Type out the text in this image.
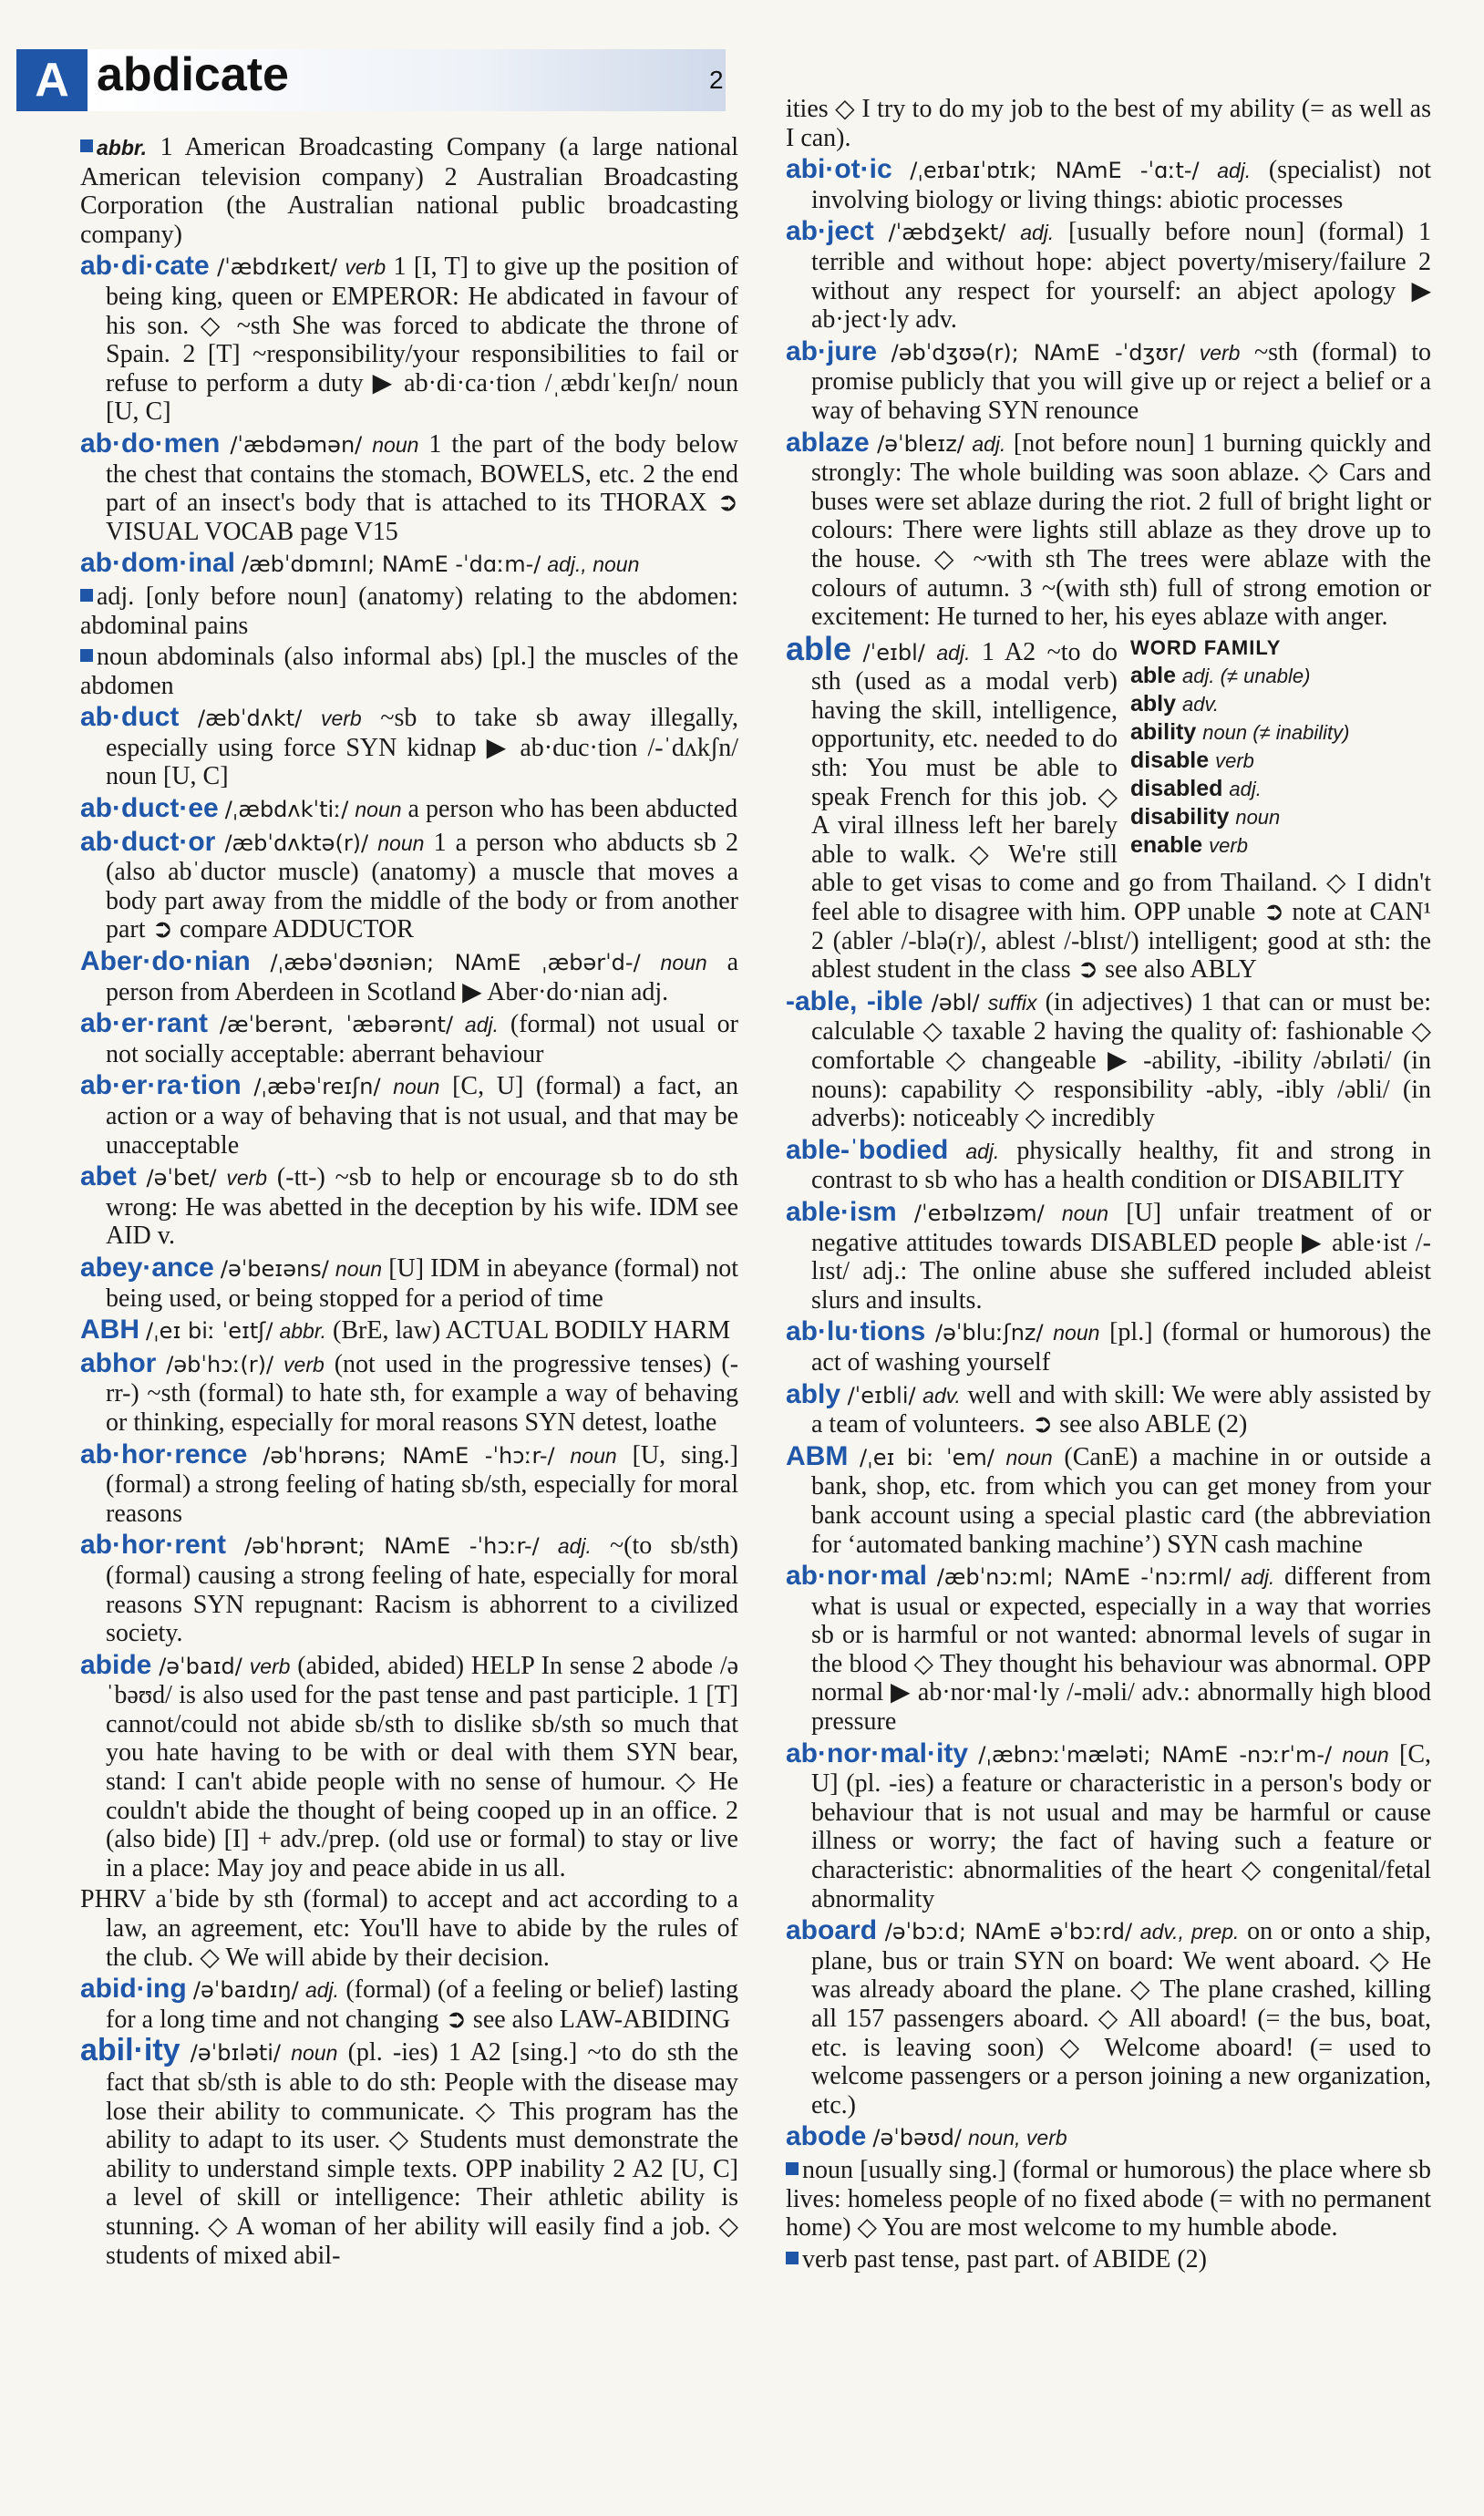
A abdicate	2
abbr. 1 American Broadcasting Company (a large national American television company) 2 Australian Broadcasting Corporation (the Australian national public broadcasting company)
ab·di·cate /ˈæbdɪkeɪt/ verb 1 [I, T] to give up the position of being king, queen or EMPEROR: He abdicated in favour of his son. ◇ ~sth She was forced to abdicate the throne of Spain. 2 [T] ~responsibility/your responsibilities to fail or refuse to perform a duty ▶ ab·di·ca·tion /ˌæbdɪˈkeɪʃn/ noun [U, C]
ab·do·men /ˈæbdəmən/ noun 1 the part of the body below the chest that contains the stomach, BOWELS, etc. 2 the end part of an insect's body that is attached to its THORAX ➲ VISUAL VOCAB page V15
ab·dom·inal /æbˈdɒmɪnl; NAmE -ˈdɑːm-/ adj., noun
adj. [only before noun] (anatomy) relating to the abdomen: abdominal pains
noun abdominals (also informal abs) [pl.] the muscles of the abdomen
ab·duct /æbˈdʌkt/ verb ~sb to take sb away illegally, especially using force SYN kidnap ▶ ab·duc·tion /-ˈdʌkʃn/ noun [U, C]
ab·duct·ee /ˌæbdʌkˈtiː/ noun a person who has been abducted
ab·duct·or /æbˈdʌktə(r)/ noun 1 a person who abducts sb 2 (also abˈductor muscle) (anatomy) a muscle that moves a body part away from the middle of the body or from another part ➲ compare ADDUCTOR
Aber·do·nian /ˌæbəˈdəʊniən; NAmE ˌæbərˈd-/ noun a person from Aberdeen in Scotland ▶ Aber·do·nian adj.
ab·er·rant /æˈberənt, ˈæbərənt/ adj. (formal) not usual or not socially acceptable: aberrant behaviour
ab·er·ra·tion /ˌæbəˈreɪʃn/ noun [C, U] (formal) a fact, an action or a way of behaving that is not usual, and that may be unacceptable
abet /əˈbet/ verb (-tt-) ~sb to help or encourage sb to do sth wrong: He was abetted in the deception by his wife. IDM see AID v.
abey·ance /əˈbeɪəns/ noun [U] IDM in abeyance (formal) not being used, or being stopped for a period of time
ABH /ˌeɪ biː ˈeɪtʃ/ abbr. (BrE, law) ACTUAL BODILY HARM
abhor /əbˈhɔː(r)/ verb (not used in the progressive tenses) (-rr-) ~sth (formal) to hate sth, for example a way of behaving or thinking, especially for moral reasons SYN detest, loathe
ab·hor·rence /əbˈhɒrəns; NAmE -ˈhɔːr-/ noun [U, sing.] (formal) a strong feeling of hating sb/sth, especially for moral reasons
ab·hor·rent /əbˈhɒrənt; NAmE -ˈhɔːr-/ adj. ~(to sb/sth) (formal) causing a strong feeling of hate, especially for moral reasons SYN repugnant: Racism is abhorrent to a civilized society.
abide /əˈbaɪd/ verb (abided, abided) HELP In sense 2 abode /əˈbəʊd/ is also used for the past tense and past participle. 1 [T] cannot/could not abide sb/sth to dislike sb/sth so much that you hate having to be with or deal with them SYN bear, stand: I can't abide people with no sense of humour. ◇ He couldn't abide the thought of being cooped up in an office. 2 (also bide) [I] + adv./prep. (old use or formal) to stay or live in a place: May joy and peace abide in us all.
PHRV aˈbide by sth (formal) to accept and act according to a law, an agreement, etc: You'll have to abide by the rules of the club. ◇ We will abide by their decision.
abid·ing /əˈbaɪdɪŋ/ adj. (formal) (of a feeling or belief) lasting for a long time and not changing ➲ see also LAW-ABIDING
abil·ity /əˈbɪləti/ noun (pl. -ies) 1 A2 [sing.] ~to do sth the fact that sb/sth is able to do sth: People with the disease may lose their ability to communicate. ◇ This program has the ability to adapt to its user. ◇ Students must demonstrate the ability to understand simple texts. OPP inability 2 A2 [U, C] a level of skill or intelligence: Their athletic ability is stunning. ◇ A woman of her ability will easily find a job. ◇ students of mixed abil-
ities ◇ I try to do my job to the best of my ability (= as well as I can).
abi·ot·ic /ˌeɪbaɪˈɒtɪk; NAmE -ˈɑːt-/ adj. (specialist) not involving biology or living things: abiotic processes
ab·ject /ˈæbdʒekt/ adj. [usually before noun] (formal) 1 terrible and without hope: abject poverty/misery/failure 2 without any respect for yourself: an abject apology ▶ ab·ject·ly adv.
ab·jure /əbˈdʒʊə(r); NAmE -ˈdʒʊr/ verb ~sth (formal) to promise publicly that you will give up or reject a belief or a way of behaving SYN renounce
ablaze /əˈbleɪz/ adj. [not before noun] 1 burning quickly and strongly: The whole building was soon ablaze. ◇ Cars and buses were set ablaze during the riot. 2 full of bright light or colours: There were lights still ablaze as they drove up to the house. ◇ ~with sth The trees were ablaze with the colours of autumn. 3 ~(with sth) full of strong emotion or excitement: He turned to her, his eyes ablaze with anger.
WORD FAMILY
able adj. (≠ unable)
ably adv.
ability noun (≠ inability)
disable verb
disabled adj.
disability noun
enable verb
able /ˈeɪbl/ adj. 1 A2 ~to do sth (used as a modal verb) having the skill, intelligence, opportunity, etc. needed to do sth: You must be able to speak French for this job. ◇ A viral illness left her barely able to walk. ◇ We're still able to get visas to come and go from Thailand. ◇ I didn't feel able to disagree with him. OPP unable ➲ note at CAN¹ 2 (abler /-blə(r)/, ablest /-blɪst/) intelligent; good at sth: the ablest student in the class ➲ see also ABLY
-able, -ible /əbl/ suffix (in adjectives) 1 that can or must be: calculable ◇ taxable 2 having the quality of: fashionable ◇ comfortable ◇ changeable ▶ -ability, -ibility /əbɪləti/ (in nouns): capability ◇ responsibility -ably, -ibly /əbli/ (in adverbs): noticeably ◇ incredibly
able-ˈbodied adj. physically healthy, fit and strong in contrast to sb who has a health condition or DISABILITY
able·ism /ˈeɪbəlɪzəm/ noun [U] unfair treatment of or negative attitudes towards DISABLED people ▶ able·ist /-lɪst/ adj.: The online abuse she suffered included ableist slurs and insults.
ab·lu·tions /əˈbluːʃnz/ noun [pl.] (formal or humorous) the act of washing yourself
ably /ˈeɪbli/ adv. well and with skill: We were ably assisted by a team of volunteers. ➲ see also ABLE (2)
ABM /ˌeɪ biː ˈem/ noun (CanE) a machine in or outside a bank, shop, etc. from which you can get money from your bank account using a special plastic card (the abbreviation for ‘automated banking machine’) SYN cash machine
ab·nor·mal /æbˈnɔːml; NAmE -ˈnɔːrml/ adj. different from what is usual or expected, especially in a way that worries sb or is harmful or not wanted: abnormal levels of sugar in the blood ◇ They thought his behaviour was abnormal. OPP normal ▶ ab·nor·mal·ly /-məli/ adv.: abnormally high blood pressure
ab·nor·mal·ity /ˌæbnɔːˈmæləti; NAmE -nɔːrˈm-/ noun [C, U] (pl. -ies) a feature or characteristic in a person's body or behaviour that is not usual and may be harmful or cause illness or worry; the fact of having such a feature or characteristic: abnormalities of the heart ◇ congenital/fetal abnormality
aboard /əˈbɔːd; NAmE əˈbɔːrd/ adv., prep. on or onto a ship, plane, bus or train SYN on board: We went aboard. ◇ He was already aboard the plane. ◇ The plane crashed, killing all 157 passengers aboard. ◇ All aboard! (= the bus, boat, etc. is leaving soon) ◇ Welcome aboard! (= used to welcome passengers or a person joining a new organization, etc.)
abode /əˈbəʊd/ noun, verb
noun [usually sing.] (formal or humorous) the place where sb lives: homeless people of no fixed abode (= with no permanent home) ◇ You are most welcome to my humble abode.
verb past tense, past part. of ABIDE (2)
